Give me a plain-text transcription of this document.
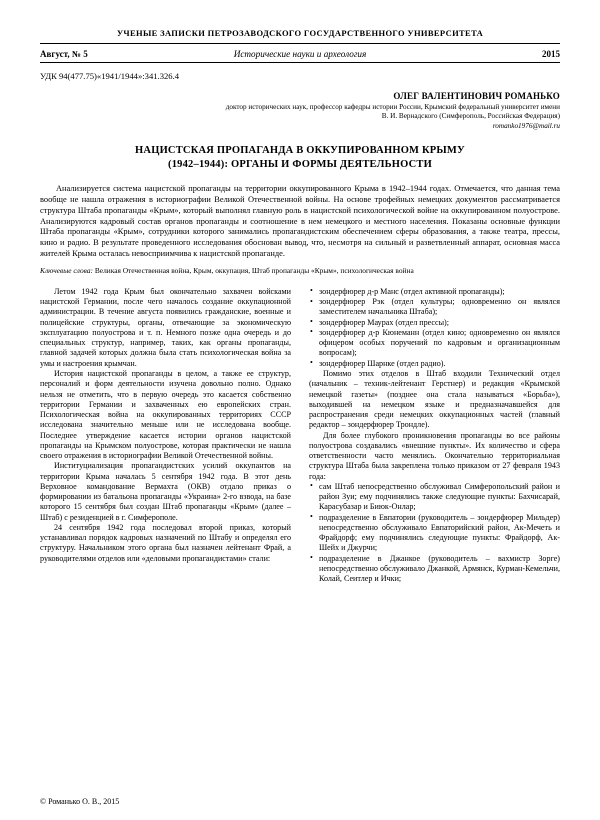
УЧЕНЫЕ ЗАПИСКИ ПЕТРОЗАВОДСКОГО ГОСУДАРСТВЕННОГО УНИВЕРСИТЕТА
Август, № 5	Исторические науки и археология	2015
УДК 94(477.75)«1941/1944»:341.326.4
ОЛЕГ ВАЛЕНТИНОВИЧ РОМАНЬКО
доктор исторических наук, профессор кафедры истории России, Крымский федеральный университет имени В. И. Вернадского (Симферополь, Российская Федерация)
romanko1976@mail.ru
НАЦИСТСКАЯ ПРОПАГАНДА В ОККУПИРОВАННОМ КРЫМУ
(1942–1944): ОРГАНЫ И ФОРМЫ ДЕЯТЕЛЬНОСТИ
Анализируется система нацистской пропаганды на территории оккупированного Крыма в 1942–1944 годах. Отмечается, что данная тема вообще не нашла отражения в историографии Великой Отечественной войны. На основе трофейных немецких документов рассматривается структура Штаба пропаганды «Крым», который выполнял главную роль в нацистской психологической войне на оккупированном полуострове. Анализируются кадровый состав органов пропаганды и соотношение в нем немецкого и местного населения. Показаны основные функции Штаба пропаганды «Крым», сотрудники которого занимались пропагандистским обеспечением сферы образования, а также театра, прессы, кино и радио. В результате проведенного исследования обоснован вывод, что, несмотря на сильный и разветвленный аппарат, основная масса жителей Крыма осталась невосприимчива к нацистской пропаганде.
Ключевые слова: Великая Отечественная война, Крым, оккупация, Штаб пропаганды «Крым», психологическая война

Летом 1942 года Крым был окончательно захвачен войсками нацистской Германии, после чего началось создание оккупационной администрации. В течение августа появились гражданские, военные и полицейские структуры, органы, отвечающие за экономическую эксплуатацию полуострова и т. п. Немного позже одна очередь и до специальных структур, например, таких, как органы пропаганды, главной задачей которых должна была стать психологическая война за умы и настроения крымчан.

История нацистской пропаганды в целом, а также ее структур, персоналий и форм деятельности изучена довольно полно. Однако нельзя не отметить, что в первую очередь это касается собственно территории Германии и захваченных ею европейских стран. Психологическая война на оккупированных территориях СССР исследована значительно меньше или не исследована вообще. Последнее утверждение касается истории органов нацистской пропаганды на Крымском полуострове, которая практически не нашла своего отражения в историографии Великой Отечественной войны.

Институциализация пропагандистских усилий оккупантов на территории Крыма началась 5 сентября 1942 года. В этот день Верховное командование Вермахта (ОКВ) отдало приказ о формировании из батальона пропаганды «Украина» 2-го взвода, на базе которого 15 сентября был создан Штаб пропаганды «Крым» (далее – Штаб) с резиденцией в г. Симферополе.

24 сентября 1942 года последовал второй приказ, который устанавливал порядок кадровых назначений по Штабу и определял его структуру. Начальником этого органа был назначен лейтенант Фрай, а руководителями отделов или «деловыми пропагандистами» стали:

• зондерфюрер д-р Манс (отдел активной пропаганды);
• зондерфюрер Рэк (отдел культуры; одновременно он являлся заместителем начальника Штаба);
• зондерфюрер Маурах (отдел прессы);
• зондерфюрер д-р Кюнеманн (отдел кино; одновременно он являлся офицером особых поручений по кадровым и организационным вопросам);
• зондерфюрер Шарнке (отдел радио).

Помимо этих отделов в Штаб входили Технический отдел (начальник – техник-лейтенант Герстнер) и редакция «Крымской немецкой газеты» (позднее она стала называться «Борьба»), выходившей на немецком языке и предназначавшейся для распространения среди немецких оккупационных частей (главный редактор – зондерфюрер Трондле).

Для более глубокого проникновения пропаганды во все районы полуострова создавались «внешние пункты». Их количество и сфера ответственности часто менялись. Окончательно территориальная структура Штаба была закреплена только приказом от 27 февраля 1943 года:

• сам Штаб непосредственно обслуживал Симферопольский район и район Зуи; ему подчинялись также следующие пункты: Бахчисарай, Карасубазар и Биюк-Онлар;
• подразделение в Евпатории (руководитель – зондерфюрер Мильдер) непосредственно обслуживало Евпаторийский район, Ак-Мечеть и Фрайдорф; ему подчинялись следующие пункты: Фрайдорф, Ак-Шейх и Джурчи;
• подразделение в Джанкое (руководитель – вахмистр Зорге) непосредственно обслуживало Джанкой, Армянск, Курман-Кемельчи, Колай, Сеитлер и Ички;
© Романько О. В., 2015
